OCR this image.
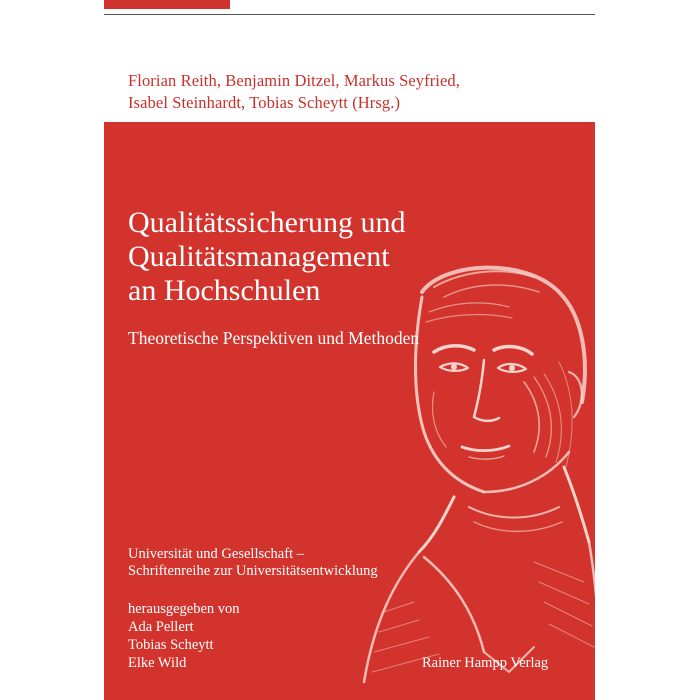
Florian Reith, Benjamin Ditzel, Markus Seyfried,
Isabel Steinhardt, Tobias Scheytt (Hrsg.)
Qualitätssicherung und
Qualitätsmanagement
an Hochschulen
Theoretische Perspektiven und Methoden
Universität und Gesellschaft –
Schriftenreihe zur Universitätsentwicklung
herausgegeben von
Ada Pellert
Tobias Scheytt
Elke Wild	Rainer Hampp Verlag
